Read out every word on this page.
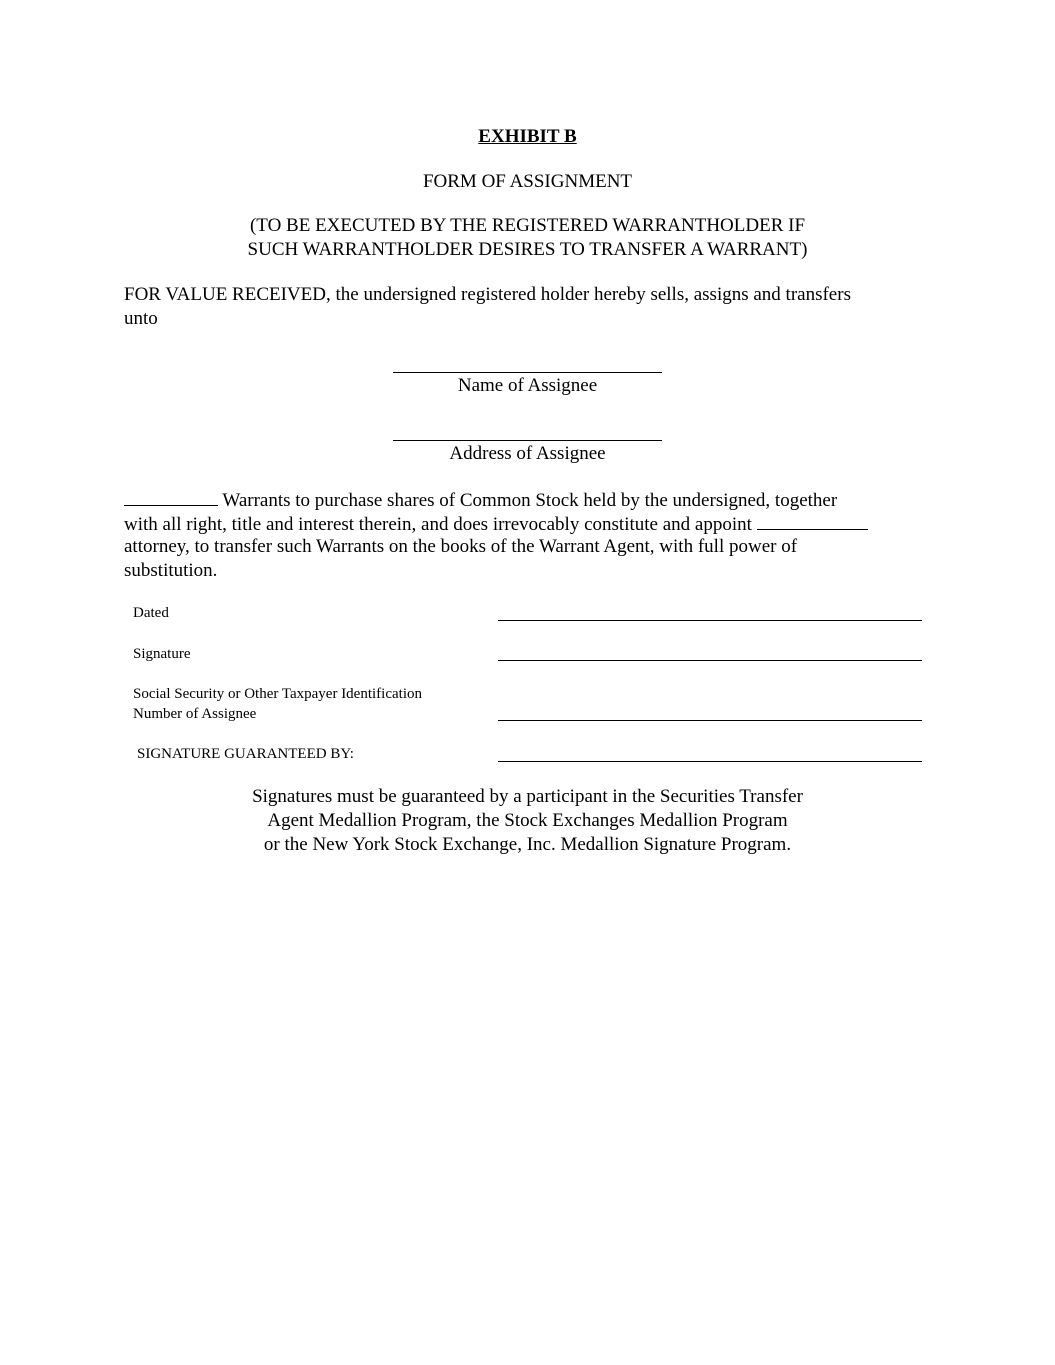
EXHIBIT B
FORM OF ASSIGNMENT
(TO BE EXECUTED BY THE REGISTERED WARRANTHOLDER IF
SUCH WARRANTHOLDER DESIRES TO TRANSFER A WARRANT)
FOR VALUE RECEIVED, the undersigned registered holder hereby sells, assigns and transfers
unto
Name of Assignee
Address of Assignee
Warrants to purchase shares of Common Stock held by the undersigned, together
with all right, title and interest therein, and does irrevocably constitute and appoint
attorney, to transfer such Warrants on the books of the Warrant Agent, with full power of
substitution.
Dated
Signature
Social Security or Other Taxpayer Identification
Number of Assignee
SIGNATURE GUARANTEED BY:
Signatures must be guaranteed by a participant in the Securities Transfer
Agent Medallion Program, the Stock Exchanges Medallion Program
or the New York Stock Exchange, Inc. Medallion Signature Program.
